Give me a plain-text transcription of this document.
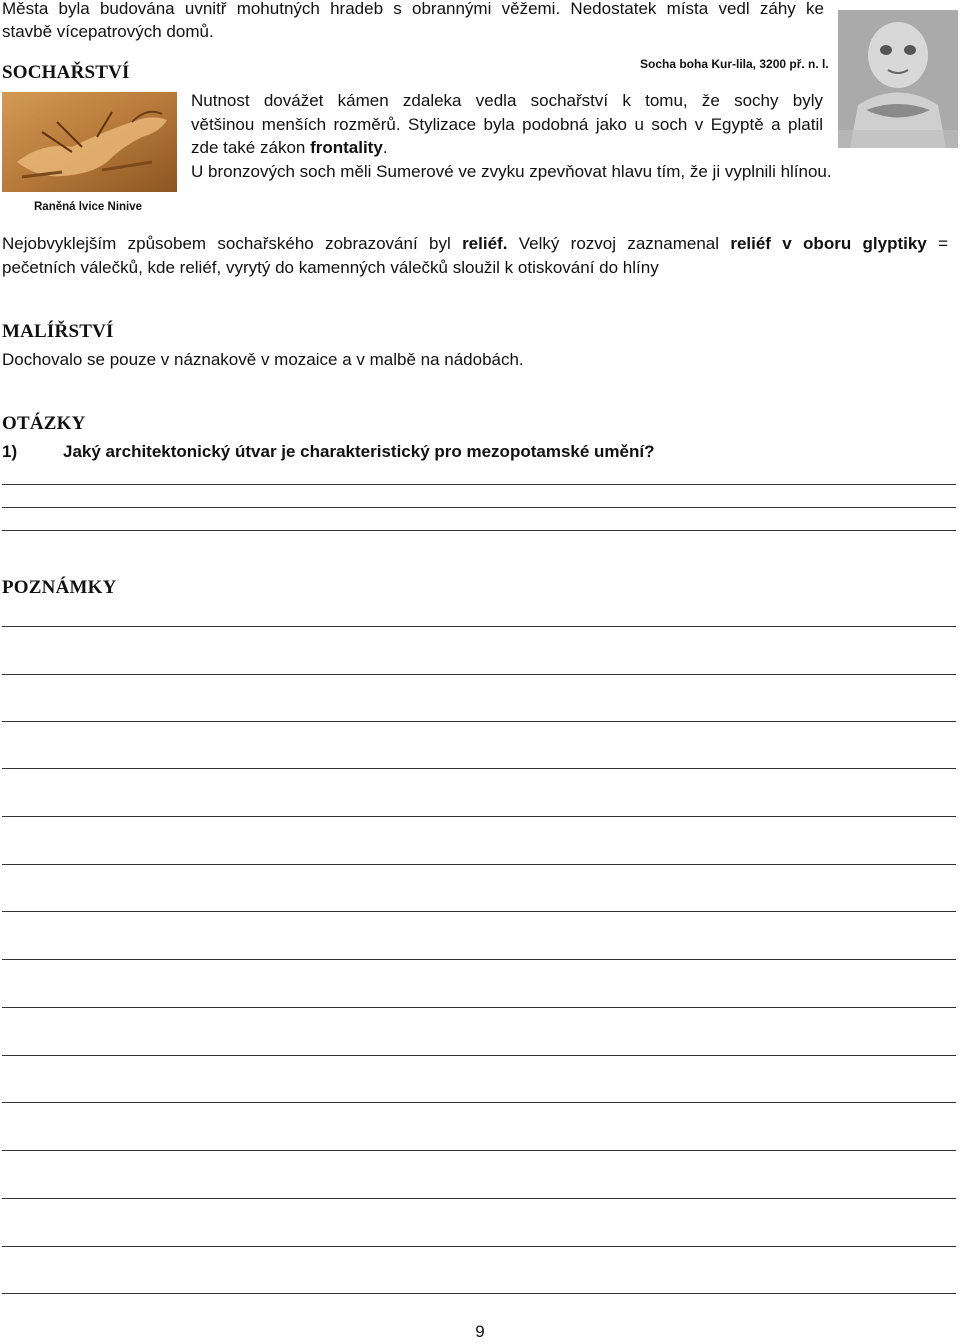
Města byla budována uvnitř mohutných hradeb s obrannými věžemi. Nedostatek místa vedl záhy ke

stavbě vícepatrových domů.

SOCHAŘSTVÍ	Socha boha Kur-lila, 3200 př. n. l.
Raněná lvice Ninive

Nutnost dovážet kámen zdaleka vedla sochařství k tomu, že sochy byly

většinou menších rozměrů. Stylizace byla podobná jako u soch v Egyptě a platil

zde také zákon frontality.

U bronzových soch měli Sumerové ve zvyku zpevňovat hlavu tím, že ji vyplnili hlínou.

Nejobvyklejším způsobem sochařského zobrazování byl reliéf. Velký rozvoj zaznamenal reliéf v oboru glyptiky =

pečetních válečků, kde reliéf, vyrytý do kamenných válečků sloužil k otiskování do hlíny

MALÍŘSTVÍ

Dochovalo se pouze v náznakově v mozaice a v malbě na nádobách.

OTÁZKY
1)	Jaký architektonický útvar je charakteristický pro mezopotamské umění?
POZNÁMKY
9
